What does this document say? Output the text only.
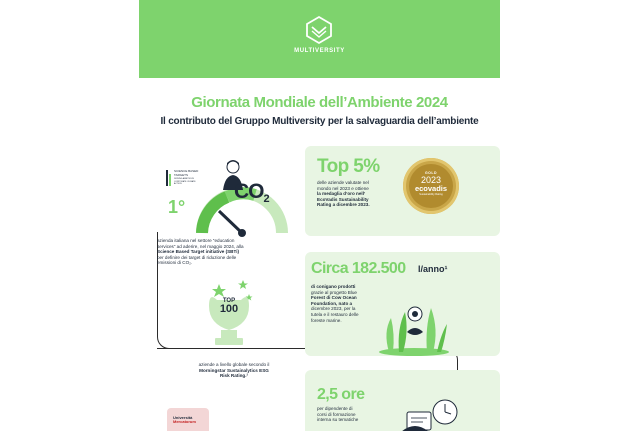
MULTIVERSITY
Giornata Mondiale dell’Ambiente 2024
Il contributo del Gruppo Multiversity per la salvaguardia dell’ambiente
SCIENCE BASED TARGETS
DRIVING AMBITIOUS CORPORATE CLIMATE ACTION
1°
$CO_2$
azienda italiana nel settore “education
services” ad aderire, nel maggio 2024, alla
Science Based Target initiative (SBTi)
per definire dei target di riduzione delle
emissioni di CO₂.
Top 5%
delle aziende valutate nel
mondo nel 2023 e ottiene
la medaglia d’oro nell’
EcoVadis Sustainability
Rating a dicembre 2023.
GOLD
2023
ecovadis
Sustainability Rating
Circa 182.500 l/anno¹
di conigano prodotti
grazie al progetto Blue
Forest di Cow Ocean
Foundation, nato a
dicembre 2023, per la
tutela e il restauro delle
foreste marine.
TOP
100
aziende a livello globale secondo il
Morningstar Sustainalytics ESG
Risk Rating.²
2,5 ore
per dipendente di
corsi di formazione
interna su tematiche
Università
Mercatorum
